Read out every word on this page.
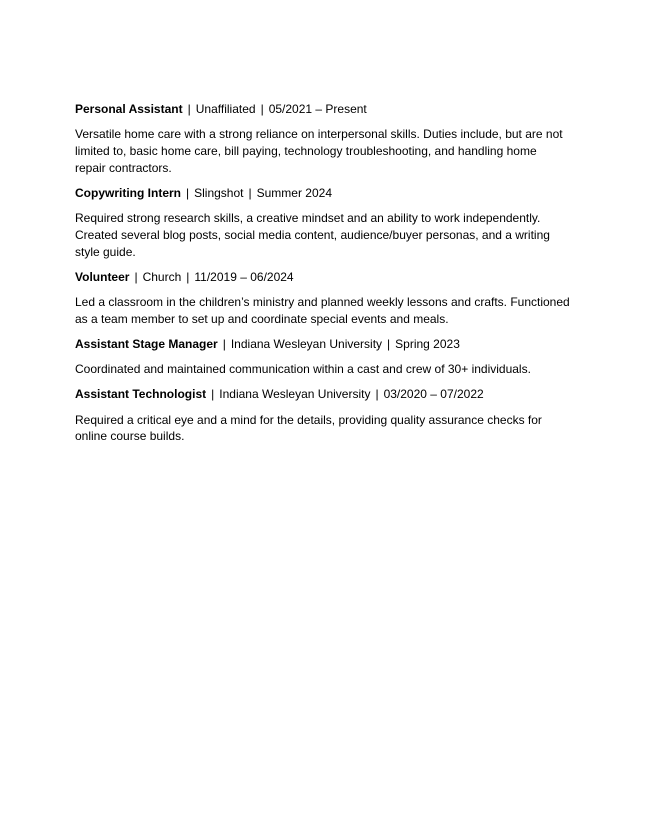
Personal Assistant | Unaffiliated | 05/2021 – Present

Versatile home care with a strong reliance on interpersonal skills. Duties include, but are not limited to, basic home care, bill paying, technology troubleshooting, and handling home repair contractors.

Copywriting Intern | Slingshot | Summer 2024

Required strong research skills, a creative mindset and an ability to work independently. Created several blog posts, social media content, audience/buyer personas, and a writing style guide.

Volunteer | Church | 11/2019 – 06/2024

Led a classroom in the children’s ministry and planned weekly lessons and crafts. Functioned as a team member to set up and coordinate special events and meals.

Assistant Stage Manager | Indiana Wesleyan University | Spring 2023

Coordinated and maintained communication within a cast and crew of 30+ individuals.

Assistant Technologist | Indiana Wesleyan University | 03/2020 – 07/2022

Required a critical eye and a mind for the details, providing quality assurance checks for online course builds.
